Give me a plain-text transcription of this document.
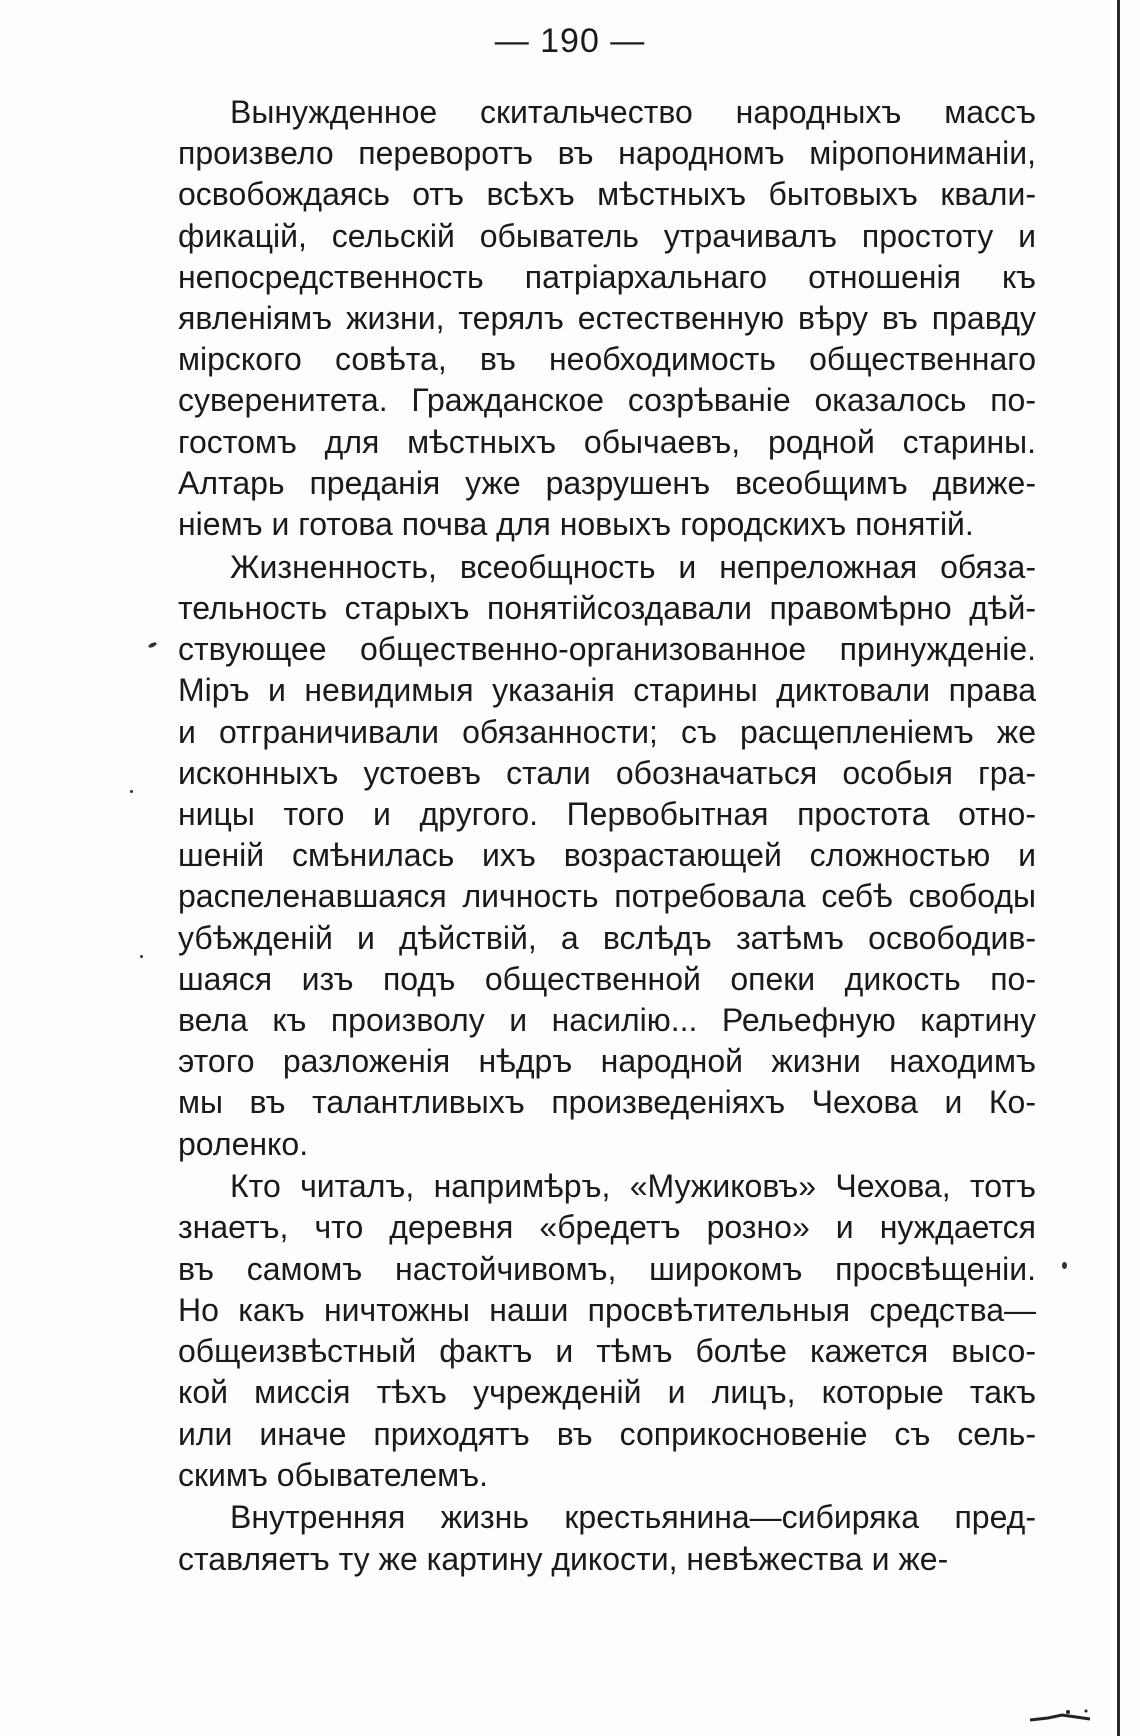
— 190 —
Вынужденное скитальчество народныхъ массъ
произвело переворотъ въ народномъ міропониманіи,
освобождаясь отъ всѣхъ мѣстныхъ бытовыхъ квали-
фикацій, сельскій обыватель утрачивалъ простоту и
непосредственность патріархальнаго отношенія къ
явленіямъ жизни, терялъ естественную вѣру въ правду
мірского совѣта, въ необходимость общественнаго
суверенитета. Гражданское созрѣваніе оказалось по-
гостомъ для мѣстныхъ обычаевъ, родной старины.
Алтарь преданія уже разрушенъ всеобщимъ движе-
ніемъ и готова почва для новыхъ городскихъ понятій.
Жизненность, всеобщность и непреложная обяза-
тельность старыхъ понятійсоздавали правомѣрно дѣй-
ствующее общественно-организованное принужденіе.
Міръ и невидимыя указанія старины диктовали права
и отграничивали обязанности; съ расщепленіемъ же
исконныхъ устоевъ стали обозначаться особыя гра-
ницы того и другого. Первобытная простота отно-
шеній смѣнилась ихъ возрастающей сложностью и
распеленавшаяся личность потребовала себѣ свободы
убѣжденій и дѣйствій, а вслѣдъ затѣмъ освободив-
шаяся изъ подъ общественной опеки дикость по-
вела къ произволу и насилію... Рельефную картину
этого разложенія нѣдръ народной жизни находимъ
мы въ талантливыхъ произведеніяхъ Чехова и Ко-
роленко.
Кто читалъ, напримѣръ, «Мужиковъ» Чехова, тотъ
знаетъ, что деревня «бредетъ розно» и нуждается
въ самомъ настойчивомъ, широкомъ просвѣщеніи.
Но какъ ничтожны наши просвѣтительныя средства—
общеизвѣстный фактъ и тѣмъ болѣе кажется высо-
кой миссія тѣхъ учрежденій и лицъ, которые такъ
или иначе приходятъ въ соприкосновеніе съ сель-
скимъ обывателемъ.
Внутренняя жизнь крестьянина—сибиряка пред-
ставляетъ ту же картину дикости, невѣжества и же-
